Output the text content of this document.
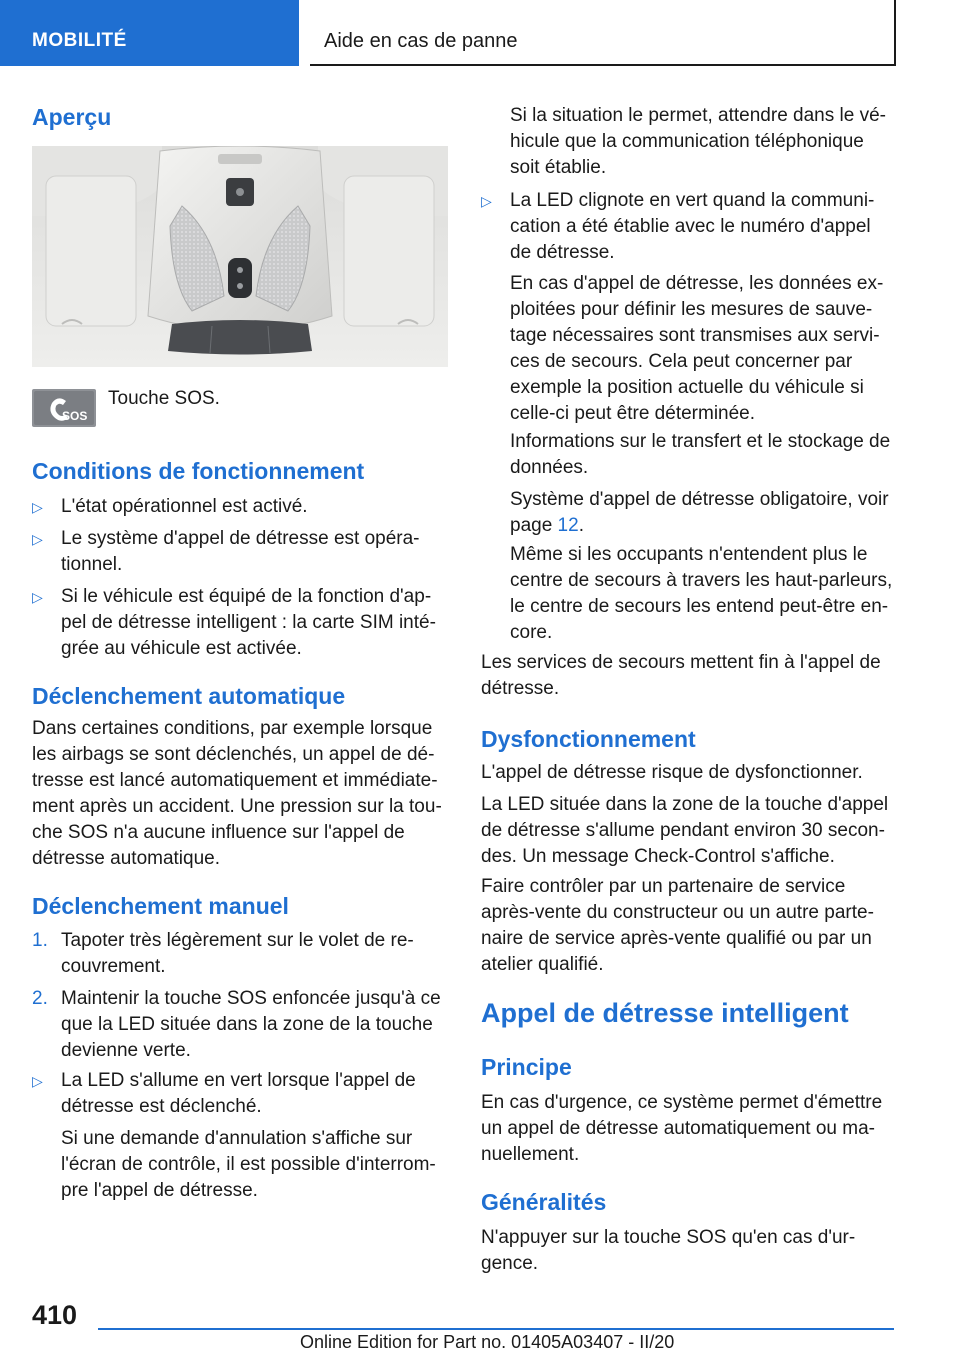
MOBILITÉ	Aide en cas de panne
Aperçu
SOS

Touche SOS.

Conditions de fonctionnement
▷ L'état opérationnel est activé.

▷ Le système d'appel de détresse est opéra-

tionnel.

▷ Si le véhicule est équipé de la fonction d'ap-

pel de détresse intelligent : la carte SIM inté-

grée au véhicule est activée.

Déclenchement automatique

Dans certaines conditions, par exemple lorsque

les airbags se sont déclenchés, un appel de dé-

tresse est lancé automatiquement et immédiate-

ment après un accident. Une pression sur la tou-

che SOS n'a aucune influence sur l'appel de

détresse automatique.

Déclenchement manuel
1. Tapoter très légèrement sur le volet de re-

couvrement.

2. Maintenir la touche SOS enfoncée jusqu'à ce

que la LED située dans la zone de la touche

devienne verte.

▷ La LED s'allume en vert lorsque l'appel de

détresse est déclenché.

Si une demande d'annulation s'affiche sur

l'écran de contrôle, il est possible d'interrom-

pre l'appel de détresse.

Si la situation le permet, attendre dans le vé-

hicule que la communication téléphonique

soit établie.

▷ La LED clignote en vert quand la communi-

cation a été établie avec le numéro d'appel

de détresse.

En cas d'appel de détresse, les données ex-

ploitées pour définir les mesures de sauve-

tage nécessaires sont transmises aux servi-

ces de secours. Cela peut concerner par

exemple la position actuelle du véhicule si

celle-ci peut être déterminée.

Informations sur le transfert et le stockage de

données.

Système d'appel de détresse obligatoire, voir

page 12.

Même si les occupants n'entendent plus le

centre de secours à travers les haut-parleurs,

le centre de secours les entend peut-être en-

core.

Les services de secours mettent fin à l'appel de

détresse.

Dysfonctionnement

L'appel de détresse risque de dysfonctionner.

La LED située dans la zone de la touche d'appel

de détresse s'allume pendant environ 30 secon-

des. Un message Check-Control s'affiche.

Faire contrôler par un partenaire de service

après-vente du constructeur ou un autre parte-

naire de service après-vente qualifié ou par un

atelier qualifié.

Appel de détresse intelligent
Principe

En cas d'urgence, ce système permet d'émettre

un appel de détresse automatiquement ou ma-

nuellement.

Généralités

N'appuyer sur la touche SOS qu'en cas d'ur-

gence.

410
Online Edition for Part no. 01405A03407 - II/20
